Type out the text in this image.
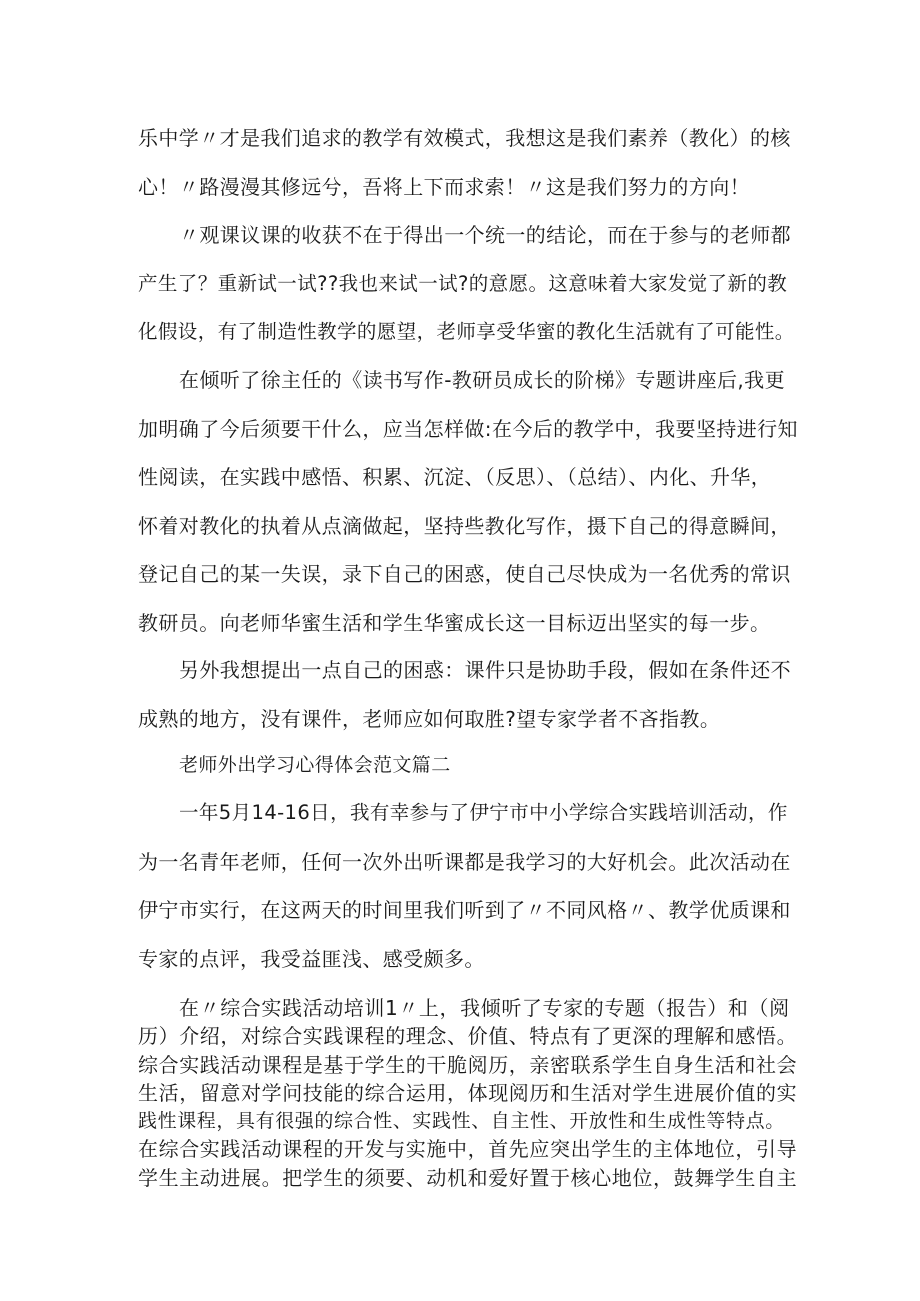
乐中学〃才是我们追求的教学有效模式，我想这是我们素养（教化）的核
心！〃路漫漫其修远兮，吾将上下而求索！〃这是我们努力的方向！
〃观课议课的收获不在于得出一个统一的结论，而在于参与的老师都
产生了？重新试一试??我也来试一试?的意愿。这意味着大家发觉了新的教
化假设，有了制造性教学的愿望，老师享受华蜜的教化生活就有了可能性。
在倾听了徐主任的《读书写作-教研员成长的阶梯》专题讲座后,我更
加明确了今后须要干什么，应当怎样做:在今后的教学中，我要坚持进行知
性阅读，在实践中感悟、积累、沉淀、（反思）、（总结）、内化、升华，
怀着对教化的执着从点滴做起，坚持些教化写作，摄下自己的得意瞬间，
登记自己的某一失误，录下自己的困惑，使自己尽快成为一名优秀的常识
教研员。向老师华蜜生活和学生华蜜成长这一目标迈出坚实的每一步。
另外我想提出一点自己的困惑：课件只是协助手段，假如在条件还不
成熟的地方，没有课件，老师应如何取胜?望专家学者不吝指教。
老师外出学习心得体会范文篇二
一年5月14-16日，我有幸参与了伊宁市中小学综合实践培训活动，作
为一名青年老师，任何一次外出听课都是我学习的大好机会。此次活动在
伊宁市实行，在这两天的时间里我们听到了〃不同风格〃、教学优质课和
专家的点评，我受益匪浅、感受颇多。
在〃综合实践活动培训1〃上，我倾听了专家的专题（报告）和（阅
历）介绍，对综合实践课程的理念、价值、特点有了更深的理解和感悟。
综合实践活动课程是基于学生的干脆阅历，亲密联系学生自身生活和社会
生活，留意对学问技能的综合运用，体现阅历和生活对学生进展价值的实
践性课程，具有很强的综合性、实践性、自主性、开放性和生成性等特点。
在综合实践活动课程的开发与实施中，首先应突出学生的主体地位，引导
学生主动进展。把学生的须要、动机和爱好置于核心地位，鼓舞学生自主
